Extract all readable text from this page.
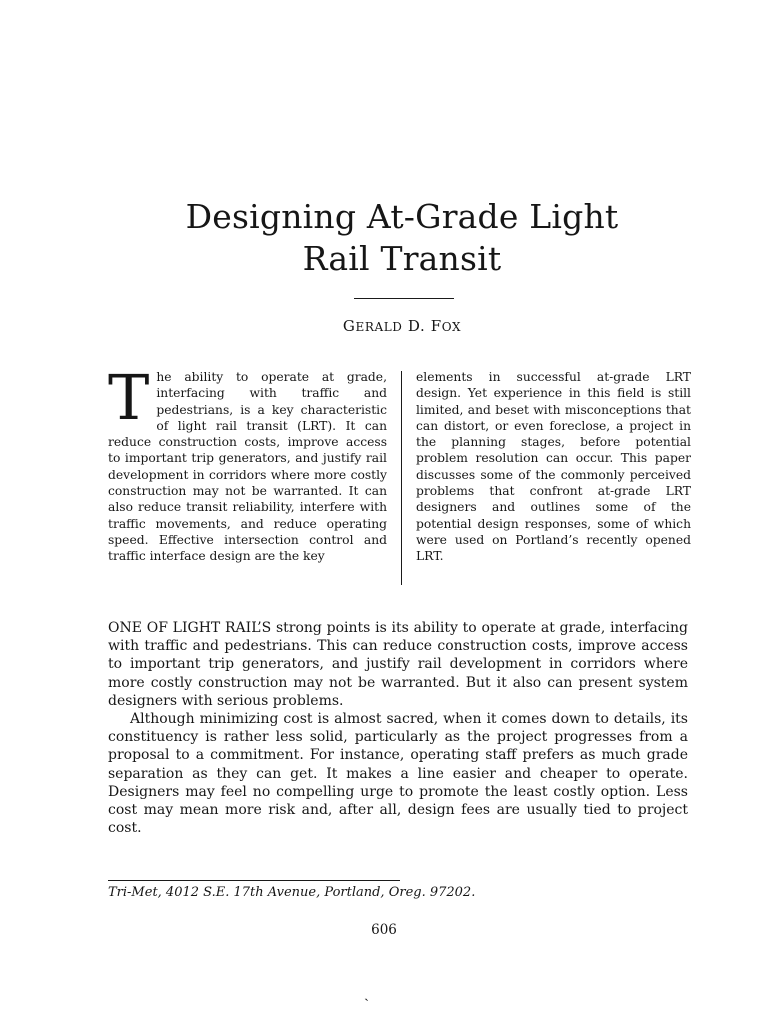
Designing At-Grade Light
Rail Transit
GERALD D. FOX
The ability to operate at grade, interfacing with traffic and pedestrians, is a key characteristic of light rail transit (LRT). It can reduce construction costs, improve access to important trip generators, and justify rail development in corridors where more costly construction may not be warranted. It can also reduce transit reliability, interfere with traffic movements, and reduce operating speed. Effective intersection control and traffic interface design are the key
elements in successful at-grade LRT design. Yet experience in this field is still limited, and beset with misconceptions that can distort, or even foreclose, a project in the planning stages, before potential problem resolution can occur. This paper discusses some of the commonly perceived problems that confront at-grade LRT designers and outlines some of the potential design responses, some of which were used on Portland’s recently opened LRT.

ONE OF LIGHT RAIL’S strong points is its ability to operate at grade, interfacing with traffic and pedestrians. This can reduce construction costs, improve access to important trip generators, and justify rail development in corridors where more costly construction may not be warranted. But it also can present system designers with serious problems.

Although minimizing cost is almost sacred, when it comes down to details, its constituency is rather less solid, particularly as the project progresses from a proposal to a commitment. For instance, operating staff prefers as much grade separation as they can get. It makes a line easier and cheaper to operate. Designers may feel no compelling urge to promote the least costly option. Less cost may mean more risk and, after all, design fees are usually tied to project cost.

Tri-Met, 4012 S.E. 17th Avenue, Portland, Oreg. 97202.
606
ˎ
